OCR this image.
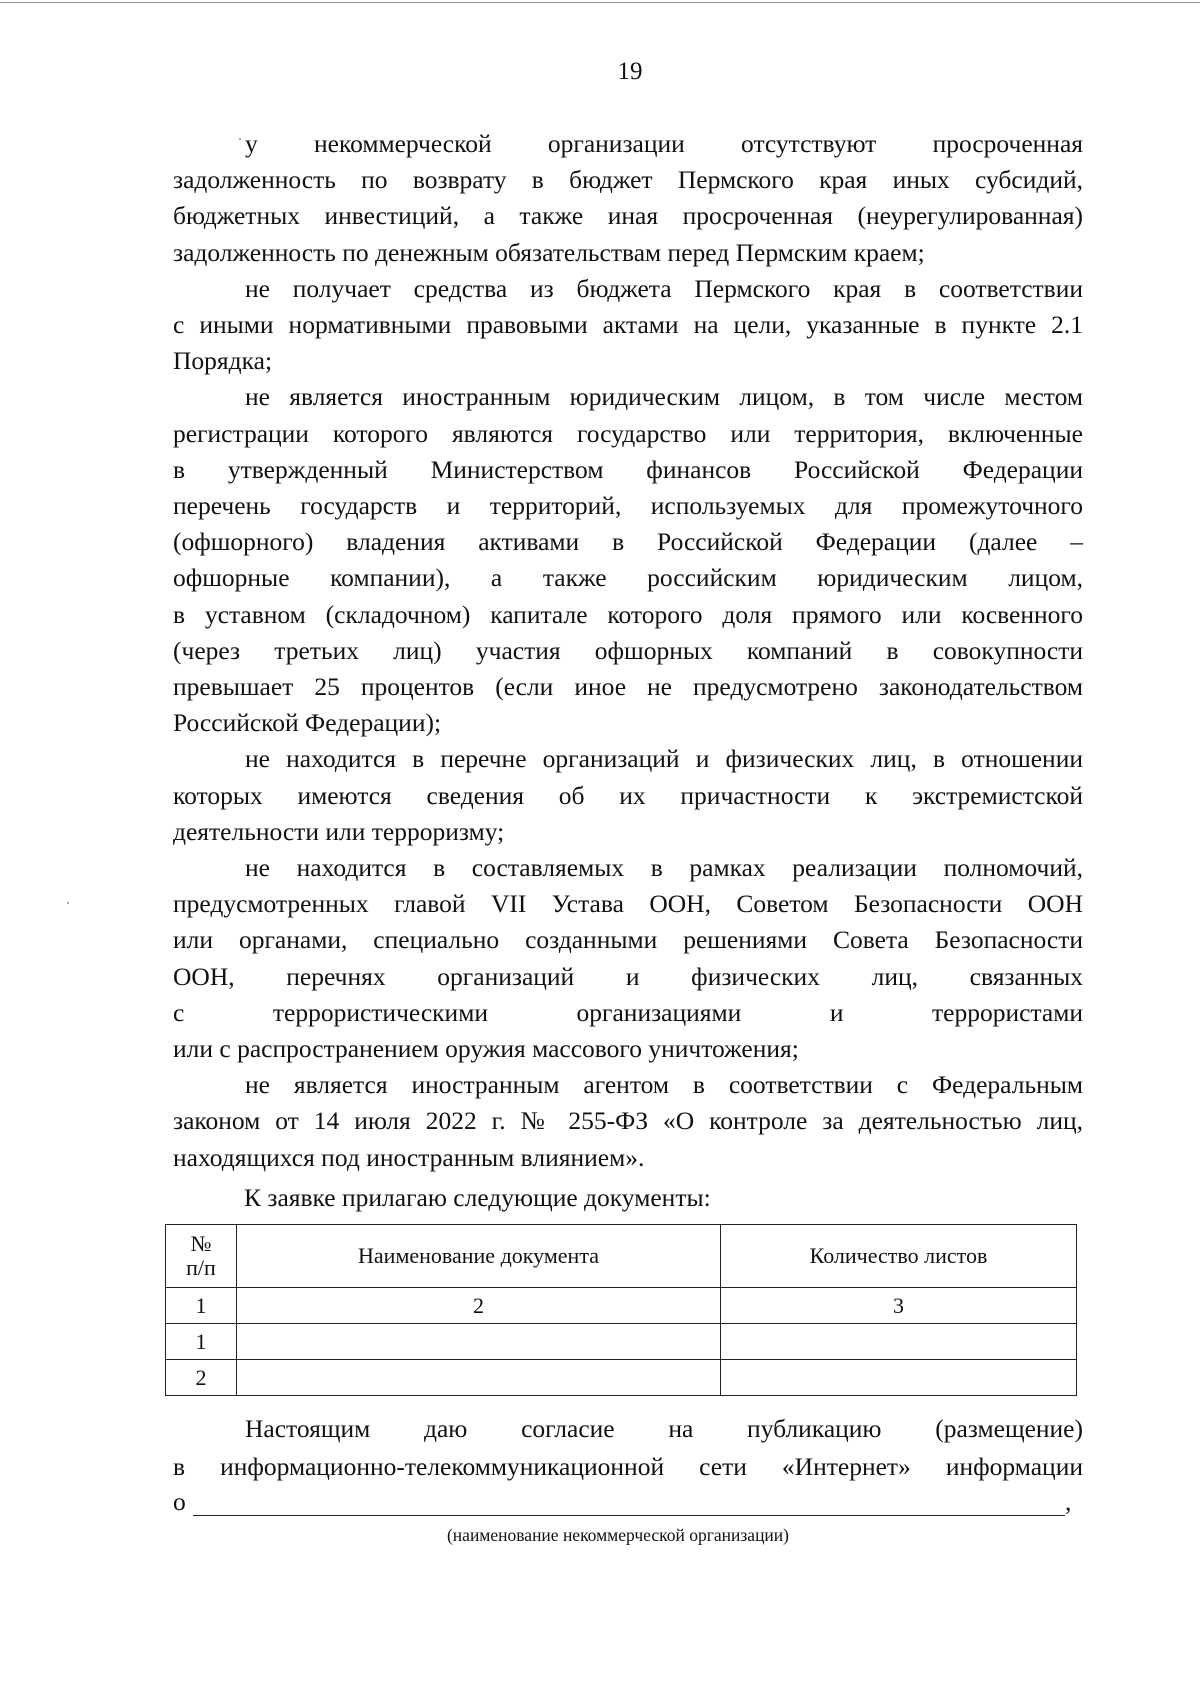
19

у некоммерческой организации отсутствуют просроченная
задолженность по возврату в бюджет Пермского края иных субсидий,
бюджетных инвестиций, а также иная просроченная (неурегулированная)
задолженность по денежным обязательствам перед Пермским краем;

не получает средства из бюджета Пермского края в соответствии
с иными нормативными правовыми актами на цели, указанные в пункте 2.1
Порядка;

не является иностранным юридическим лицом, в том числе местом
регистрации которого являются государство или территория, включенные
в утвержденный Министерством финансов Российской Федерации
перечень государств и территорий, используемых для промежуточного
(офшорного) владения активами в Российской Федерации (далее –
офшорные компании), а также российским юридическим лицом,
в уставном (складочном) капитале которого доля прямого или косвенного
(через третьих лиц) участия офшорных компаний в совокупности
превышает 25 процентов (если иное не предусмотрено законодательством
Российской Федерации);

не находится в перечне организаций и физических лиц, в отношении
которых имеются сведения об их причастности к экстремистской
деятельности или терроризму;

не находится в составляемых в рамках реализации полномочий,
предусмотренных главой VII Устава ООН, Советом Безопасности ООН
или органами, специально созданными решениями Совета Безопасности
ООН, перечнях организаций и физических лиц, связанных
с террористическими организациями и террористами
или с распространением оружия массового уничтожения;

не является иностранным агентом в соответствии с Федеральным
законом от 14 июля 2022 г. № 255-ФЗ «О контроле за деятельностью лиц,
находящихся под иностранным влиянием».

К заявке прилагаю следующие документы:
№ п/п	Наименование документа	Количество листов
1	2	3
1		
2		
Настоящим даю согласие на публикацию (размещение)
в информационно-телекоммуникационной сети «Интернет» информации
о	,
(наименование некоммерческой организации)
